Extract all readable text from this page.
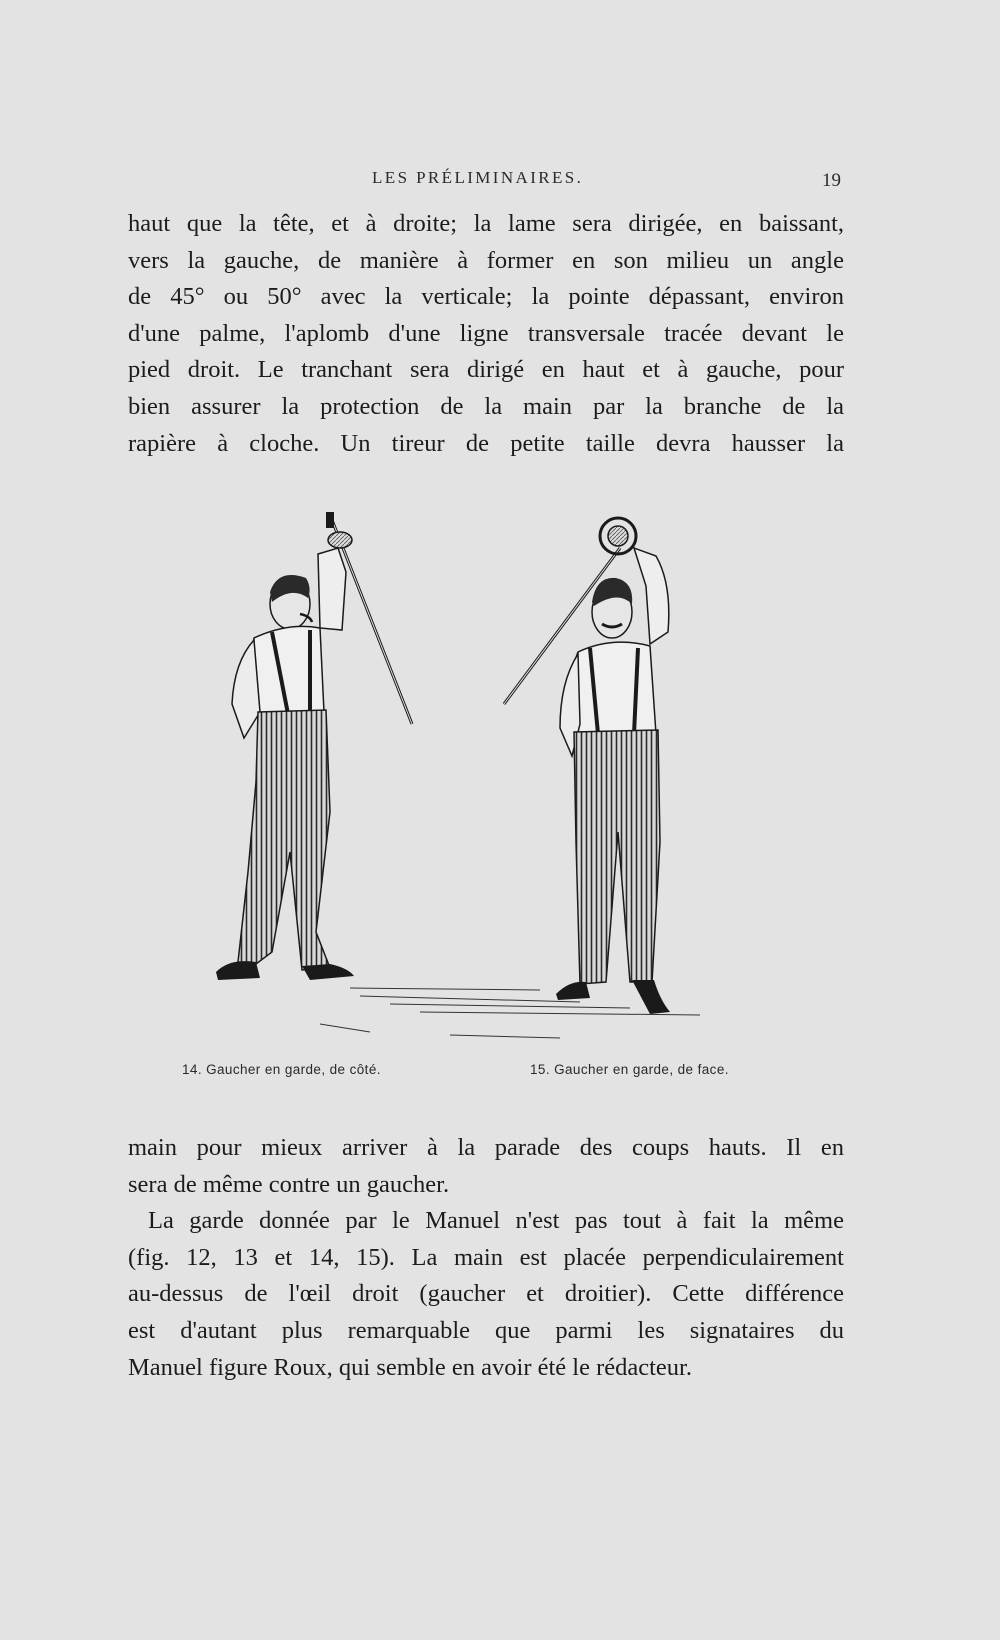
LES PRÉLIMINAIRES.	19

haut que la tête, et à droite; la lame sera dirigée, en baissant,
vers la gauche, de manière à former en son milieu un angle
de 45° ou 50° avec la verticale; la pointe dépassant, environ
d'une palme, l'aplomb d'une ligne transversale tracée devant le
pied droit. Le tranchant sera dirigé en haut et à gauche, pour
bien assurer la protection de la main par la branche de la
rapière à cloche. Un tireur de petite taille devra hausser la

14. Gaucher en garde, de côté.	15. Gaucher en garde, de face.
main pour mieux arriver à la parade des coups hauts. Il en
sera de même contre un gaucher.
La garde donnée par le Manuel n'est pas tout à fait la même
(fig. 12, 13 et 14, 15). La main est placée perpendiculairement
au-dessus de l'œil droit (gaucher et droitier). Cette différence
est d'autant plus remarquable que parmi les signataires du
Manuel figure Roux, qui semble en avoir été le rédacteur.
